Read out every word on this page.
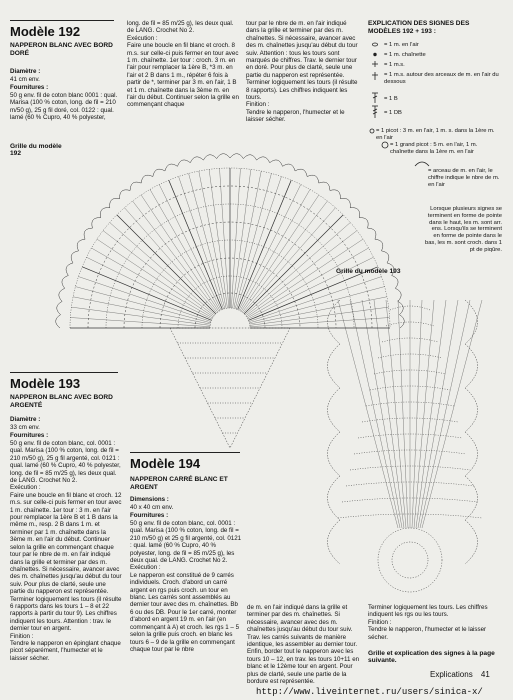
Modèle 192
NAPPERON BLANC AVEC BORD DORÉ
Diamètre :
41 cm env.
Fournitures :
50 g env. fil de coton blanc 0001 : qual. Marisa (100 % coton, long. de fil = 210 m/50 g), 25 g fil doré, col. 0122 : qual. lamé (60 % Cupro, 40 % polyester,
long. de fil = 85 m/25 g), les deux qual. de LANG. Crochet No 2.
Exécution :
Faire une boucle en fil blanc et croch. 8 m.s. sur celle-ci puis fermer en tour avec 1 m. chaînette. 1er tour : croch. 3 m. en l'air pour remplacer la 1ère B, *3 m. en l'air et 2 B dans 1 m., répéter 6 fois à partir de *, terminer par 3 m. en l'air, 1 B et 1 m. chaînette dans la 3ème m. en l'air du début. Continuer selon la grille en commençant chaque
tour par le nbre de m. en l'air indiqué dans la grille et terminer par des m. chaînettes. Si nécessaire, avancer avec des m. chaînettes jusqu'au début du tour suiv. Attention : tous les tours sont marqués de chiffres. Trav. le dernier tour en doré. Pour plus de clarté, seule une partie du napperon est représentée. Terminer logiquement les tours (il résulte 8 rapports). Les chiffres indiquent les tours.
Finition :
Tendre le napperon, l'humecter et le laisser sécher.
Grille du modèle 192
EXPLICATION DES SIGNES DES MODÈLES 192 + 193 :
= 1 m. en l'air
= 1 m. chaînette
= 1 m.s.
= 1 m.s. autour des arceaux de m. en l'air du dessous
= 1 B
= 1 DB
= 1 picot : 3 m. en l'air, 1 m. s. dans la 1ère m. en l'air
= 1 grand picot : 5 m. en l'air, 1 m. chaînette dans la 1ère m. en l'air
= arceau de m. en l'air, le chiffre indique le nbre de m. en l'air
Lorsque plusieurs signes se terminent en forme de pointe dans le haut, les m. sont arr. ens. Lorsqu'ils se terminent en forme de pointe dans le bas, les m. sont croch. dans 1 pt de piqûre.
Modèle 193
NAPPERON BLANC AVEC BORD ARGENTÉ
Diamètre :
33 cm env.
Fournitures :
50 g env. fil de coton blanc, col. 0001 : qual. Marisa (100 % coton, long. de fil = 210 m/50 g), 25 g fil argenté, col. 0121 : qual. lamé (60 % Cupro, 40 % polyester, long. de fil = 85 m/25 g), les deux qual. de LANG. Crochet No 2.
Exécution :
Faire une boucle en fil blanc et croch. 12 m.s. sur celle-ci puis fermer en tour avec 1 m. chaînette. 1er tour : 3 m. en l'air pour remplacer la 1ère B et 1 B dans la même m., resp. 2 B dans 1 m. et terminer par 1 m. chaînette dans la 3ème m. en l'air du début. Continuer selon la grille en commençant chaque tour par le nbre de m. en l'air indiqué dans la grille et terminer par des m. chaînettes. Si nécessaire, avancer avec des m. chaînettes jusqu'au début du tour suiv. Pour plus de clarté, seule une partie du napperon est représentée. Terminer logiquement les tours (il résulte 6 rapports dans les tours 1 – 8 et 22 rapports à partir du tour 9). Les chiffres indiquent les tours. Attention : trav. le dernier tour en argent.
Finition :
Tendre le napperon en épinglant chaque picot séparément, l'humecter et le laisser sécher.
Grille du modèle 193
Modèle 194
NAPPERON CARRÉ BLANC ET ARGENT
Dimensions :
40 x 40 cm env.
Fournitures :
50 g env. fil de coton blanc, col. 0001 : qual. Marisa (100 % coton, long. de fil = 210 m/50 g) et 25 g fil argenté, col. 0121 : qual. lamé (60 % Cupro, 40 % polyester, long. de fil = 85 m/25 g), les deux qual. de LANG. Crochet No 2.
Exécution :
Le napperon est constitué de 9 carrés individuels. Croch. d'abord un carré argent en rgs puis croch. un tour en blanc. Les carrés sont assemblés au dernier tour avec des m. chaînettes. Bb 6 ou des DB. Pour le 1er carré, monter d'abord en argent 19 m. en l'air (en commençant à A) et croch. les rgs 1 – 5 selon la grille puis croch. en blanc les tours 6 – 9 de la grille en commençant chaque tour par le nbre
de m. en l'air indiqué dans la grille et terminer par des m. chaînettes. Si nécessaire, avancer avec des m. chaînettes jusqu'au début du tour suiv. Trav. les carrés suivants de manière identique, les assembler au dernier tour. Enfin, border tout le napperon avec les tours 10 – 12, en trav. les tours 10+11 en blanc et le 12ème tour en argent. Pour plus de clarté, seule une partie de la bordure est représentée.
Terminer logiquement les tours. Les chiffres indiquent les rgs ou les tours.
Finition :
Tendre le napperon, l'humecter et le laisser sécher.
Grille et explication des signes à la page suivante.
Explications 41
http://www.liveinternet.ru/users/sinica-x/
